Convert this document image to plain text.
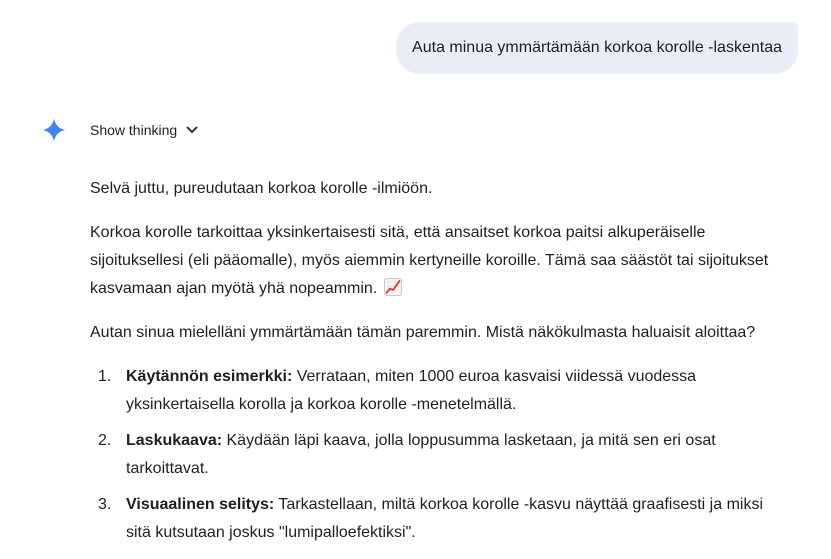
Auta minua ymmärtämään korkoa korolle -laskentaa
Show thinking

Selvä juttu, pureudutaan korkoa korolle -ilmiöön.

Korkoa korolle tarkoittaa yksinkertaisesti sitä, että ansaitset korkoa paitsi alkuperäiselle sijoituksellesi (eli pääomalle), myös aiemmin kertyneille koroille. Tämä saa säästöt tai sijoitukset kasvamaan ajan myötä yhä nopeammin.

Autan sinua mielelläni ymmärtämään tämän paremmin. Mistä näkökulmasta haluaisit aloittaa?

1. Käytännön esimerkki: Verrataan, miten 1000 euroa kasvaisi viidessä vuodessa yksinkertaisella korolla ja korkoa korolle -menetelmällä.
2. Laskukaava: Käydään läpi kaava, jolla loppusumma lasketaan, ja mitä sen eri osat tarkoittavat.
3. Visuaalinen selitys: Tarkastellaan, miltä korkoa korolle -kasvu näyttää graafisesti ja miksi sitä kutsutaan joskus "lumipalloefektiksi".
